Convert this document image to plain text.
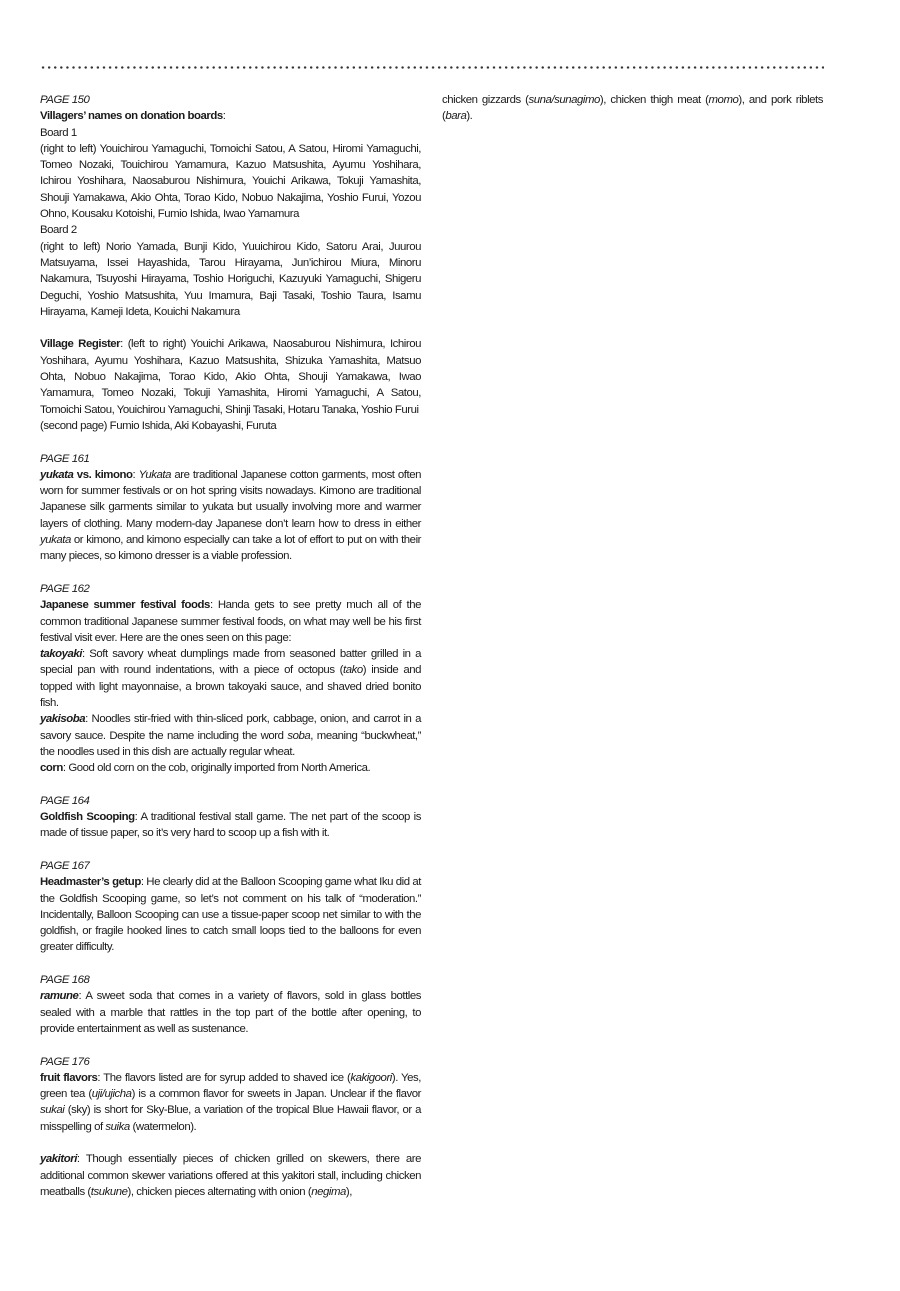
PAGE 150

Villagers’ names on donation boards:

Board 1

(right to left) Youichirou Yamaguchi, Tomoichi Satou, A Satou, Hiromi Yamaguchi, Tomeo Nozaki, Touichirou Yamamura, Kazuo Matsushita, Ayumu Yoshihara, Ichirou Yoshihara, Naosaburou Nishimura, Youichi Arikawa, Tokuji Yamashita, Shouji Yamakawa, Akio Ohta, Torao Kido, Nobuo Nakajima, Yoshio Furui, Yozou Ohno, Kousaku Kotoishi, Fumio Ishida, Iwao Yamamura

Board 2

(right to left) Norio Yamada, Bunji Kido, Yuuichirou Kido, Satoru Arai, Juurou Matsuyama, Issei Hayashida, Tarou Hirayama, Jun’ichirou Miura, Minoru Nakamura, Tsuyoshi Hirayama, Toshio Horiguchi, Kazuyuki Yamaguchi, Shigeru Deguchi, Yoshio Matsushita, Yuu Imamura, Baji Tasaki, Toshio Taura, Isamu Hirayama, Kameji Ideta, Kouichi Nakamura

Village Register: (left to right) Youichi Arikawa, Naosaburou Nishimura, Ichirou Yoshihara, Ayumu Yoshihara, Kazuo Matsushita, Shizuka Yamashita, Matsuo Ohta, Nobuo Nakajima, Torao Kido, Akio Ohta, Shouji Yamakawa, Iwao Yamamura, Tomeo Nozaki, Tokuji Yamashita, Hiromi Yamaguchi, A Satou, Tomoichi Satou, Youichirou Yamaguchi, Shinji Tasaki, Hotaru Tanaka, Yoshio Furui

(second page) Fumio Ishida, Aki Kobayashi, Furuta

PAGE 161

yukata vs. kimono: Yukata are traditional Japanese cotton garments, most often worn for summer festivals or on hot spring visits nowadays. Kimono are traditional Japanese silk garments similar to yukata but usually involving more and warmer layers of clothing. Many modern-day Japanese don’t learn how to dress in either yukata or kimono, and kimono especially can take a lot of effort to put on with their many pieces, so kimono dresser is a viable profession.

PAGE 162

Japanese summer festival foods: Handa gets to see pretty much all of the common traditional Japanese summer festival foods, on what may well be his first festival visit ever. Here are the ones seen on this page:

takoyaki: Soft savory wheat dumplings made from seasoned batter grilled in a special pan with round indentations, with a piece of octopus (tako) inside and topped with light mayonnaise, a brown takoyaki sauce, and shaved dried bonito fish.

yakisoba: Noodles stir-fried with thin-sliced pork, cabbage, onion, and carrot in a savory sauce. Despite the name including the word soba, meaning “buckwheat,” the noodles used in this dish are actually regular wheat.

corn: Good old corn on the cob, originally imported from North America.

PAGE 164

Goldfish Scooping: A traditional festival stall game. The net part of the scoop is made of tissue paper, so it’s very hard to scoop up a fish with it.

PAGE 167

Headmaster’s getup: He clearly did at the Balloon Scooping game what Iku did at the Goldfish Scooping game, so let’s not comment on his talk of “moderation.” Incidentally, Balloon Scooping can use a tissue-paper scoop net similar to with the goldfish, or fragile hooked lines to catch small loops tied to the balloons for even greater difficulty.

PAGE 168

ramune: A sweet soda that comes in a variety of flavors, sold in glass bottles sealed with a marble that rattles in the top part of the bottle after opening, to provide entertainment as well as sustenance.

PAGE 176

fruit flavors: The flavors listed are for syrup added to shaved ice (kakigoori). Yes, green tea (uji/ujicha) is a common flavor for sweets in Japan. Unclear if the flavor sukai (sky) is short for Sky-Blue, a variation of the tropical Blue Hawaii flavor, or a misspelling of suika (watermelon).

yakitori: Though essentially pieces of chicken grilled on skewers, there are additional common skewer variations offered at this yakitori stall, including chicken meatballs (tsukune), chicken pieces alternating with onion (negima),

chicken gizzards (suna/sunagimo), chicken thigh meat (momo), and pork riblets (bara).
